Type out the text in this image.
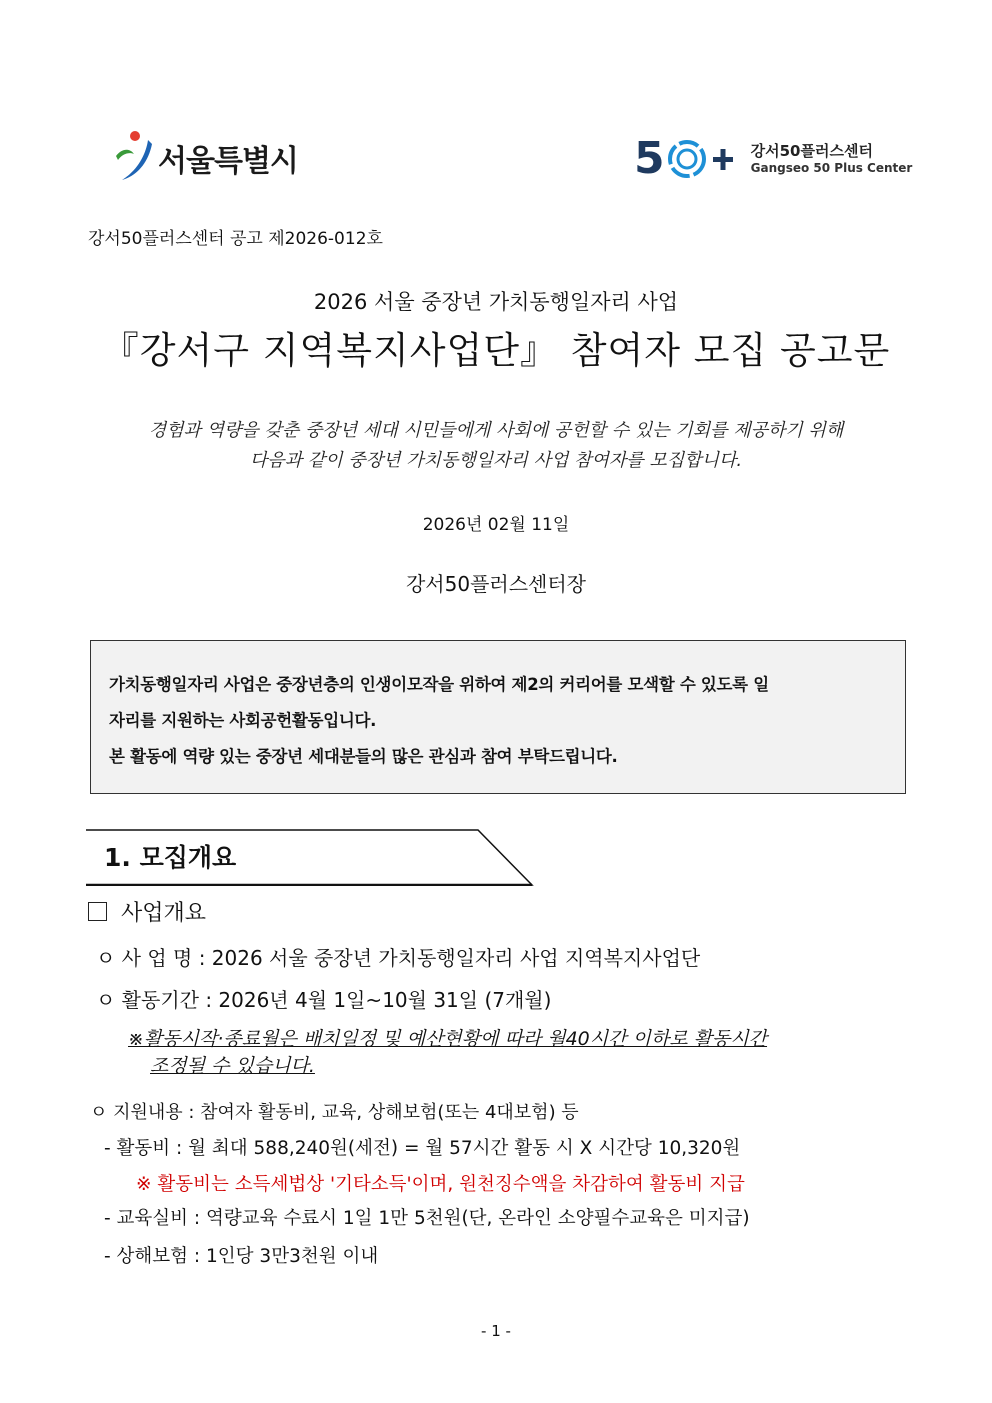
서울특별시	5	강서50플러스센터
Gangseo 50 Plus Center
강서50플러스센터 공고 제2026-012호
2026 서울 중장년 가치동행일자리 사업
『강서구 지역복지사업단』 참여자 모집 공고문
경험과 역량을 갖춘 중장년 세대 시민들에게 사회에 공헌할 수 있는 기회를 제공하기 위해
다음과 같이 중장년 가치동행일자리 사업 참여자를 모집합니다.
2026년 02월 11일
강서50플러스센터장

가치동행일자리 사업은 중장년층의 인생이모작을 위하여 제2의 커리어를 모색할 수 있도록 일

자리를 지원하는 사회공헌활동입니다.

본 활동에 역량 있는 중장년 세대분들의 많은 관심과 참여 부탁드립니다.

1. 모집개요
사업개요
ㅇ 사 업 명 : 2026 서울 중장년 가치동행일자리 사업 지역복지사업단
ㅇ 활동기간 : 2026년 4월 1일~10월 31일 (7개월)
※활동시작·종료월은 배치일정 및 예산현황에 따라 월40시간 이하로 활동시간
조정될 수 있습니다.
ㅇ 지원내용 : 참여자 활동비, 교육, 상해보험(또는 4대보험) 등
- 활동비 : 월 최대 588,240원(세전) = 월 57시간 활동 시 X 시간당 10,320원
※ 활동비는 소득세법상 '기타소득'이며, 원천징수액을 차감하여 활동비 지급
- 교육실비 : 역량교육 수료시 1일 1만 5천원(단, 온라인 소양필수교육은 미지급)
- 상해보험 : 1인당 3만3천원 이내
- 1 -
